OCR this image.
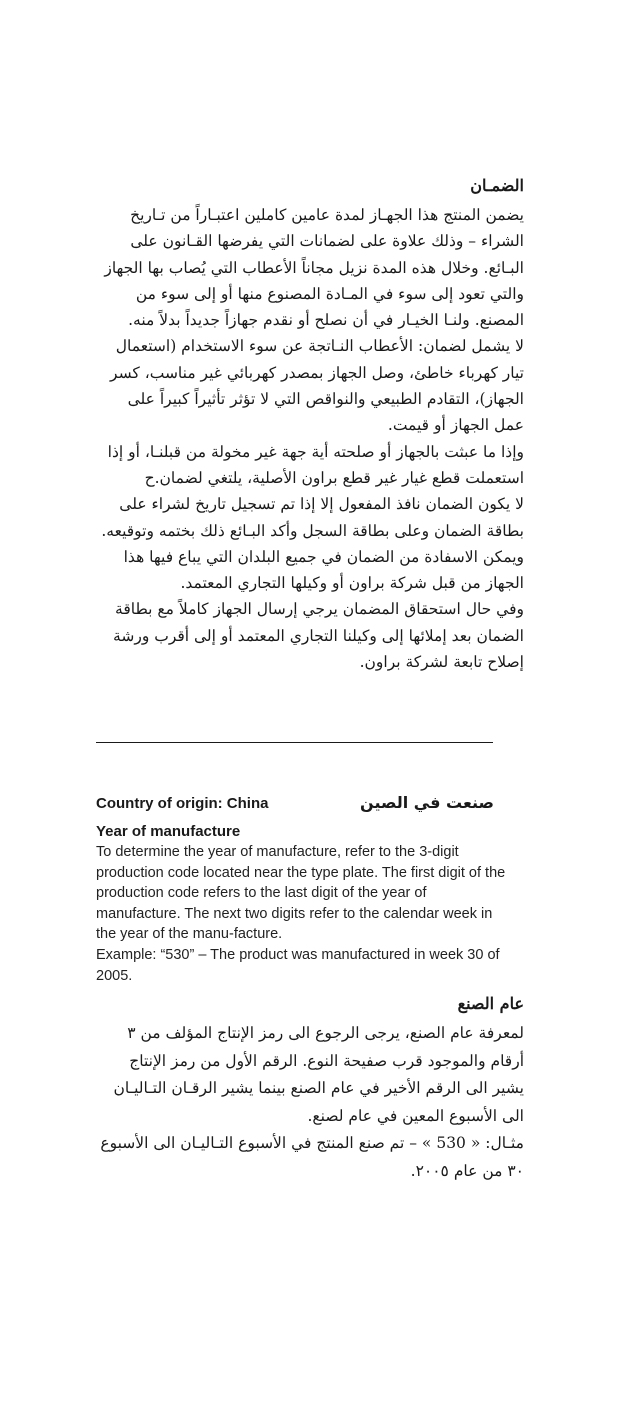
الضمـان

يضمن المنتج هذا الجهـاز لمدة عامين كاملين اعتبـاراً من تـاريخ الشراء – وذلك علاوة على لضمانات التي يفرضها القـانون على البـائع. وخلال هذه المدة نزيل مجاناً الأعطاب التي يُصاب بها الجهاز والتي تعود إلى سوء في المـادة المصنوع منها أو إلى سوء من المصنع. ولنـا الخيـار في أن نصلح أو نقدم جهازاً جديداً بدلاً منه.

لا يشمل لضمان: الأعطاب النـاتجة عن سوء الاستخدام (استعمال تيار كهرباء خاطئ، وصل الجهاز بمصدر كهربائي غير مناسب، كسر الجهاز)، التقادم الطبيعي والنواقص التي لا تؤثر تأثيراً كبيراً على عمل الجهاز أو قيمت.

وإذا ما عبثت بالجهاز أو صلحته أية جهة غير مخولة من قبلنـا، أو إذا استعملت قطع غيار غير قطع براون الأصلية، يلتغي لضمان.ح

لا يكون الضمان نافذ المفعول إلا إذا تم تسجيل تاريخ لشراء على بطاقة الضمان وعلى بطاقة السجل وأكد البـائع ذلك بختمه وتوقيعه.

ويمكن الاسفادة من الضمان في جميع البلدان التي يباع فيها هذا الجهاز من قبل شركة براون أو وكيلها التجاري المعتمد.

وفي حال استحقاق المضمان يرجي إرسال الجهاز كاملاً مع بطاقة الضمان بعد إملائها إلى وكيلنا التجاري المعتمد أو إلى أقرب ورشة إصلاح تابعة لشركة براون.

Country of origin: China	صنعت في الصين
Year of manufacture

To determine the year of manufacture, refer to the 3-digit production code located near the type plate. The first digit of the production code refers to the last digit of the year of manufacture. The next two digits refer to the calendar week in the year of the manu-facture.

Example: “530” – The product was manufactured in week 30 of 2005.

عام الصنع

لمعرفة عام الصنع، يرجى الرجوع الى رمز الإنتاج المؤلف من ٣ أرقام والموجود قرب صفيحة النوع. الرقم الأول من رمز الإنتاج يشير الى الرقم الأخير في عام الصنع بينما يشير الرقـان التـاليـان الى الأسبوع المعين في عام لصنع.

مثـال: « 530 » – تم صنع المنتج في الأسبوع التـاليـان الى الأسبوع ٣٠ من عام ٢٠٠٥.
